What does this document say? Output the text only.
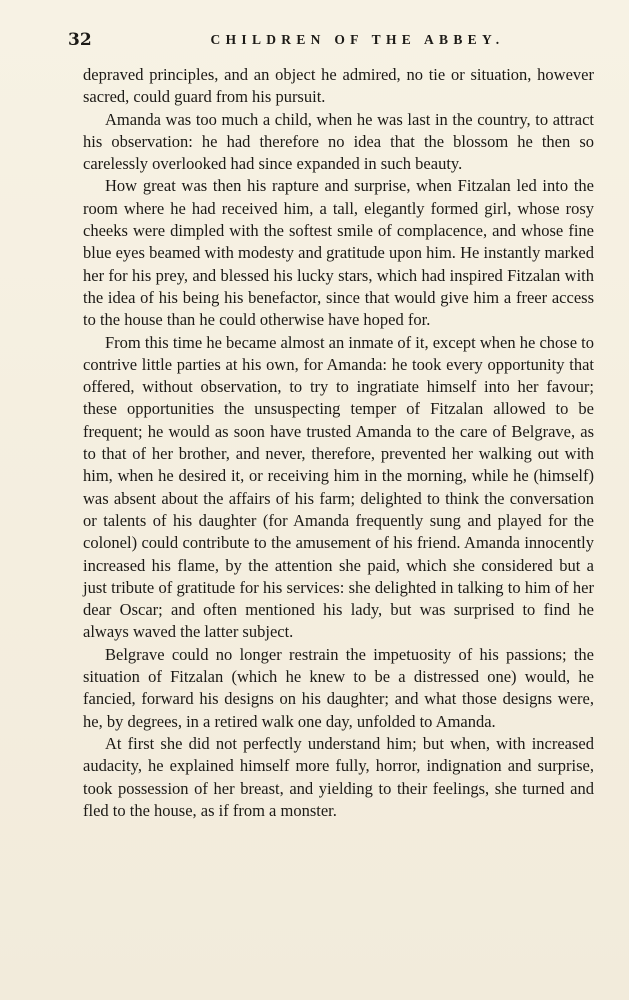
32	CHILDREN OF THE ABBEY.

depraved principles, and an object he admired, no tie or situation, however sacred, could guard from his pursuit.

Amanda was too much a child, when he was last in the country, to attract his observation: he had therefore no idea that the blossom he then so carelessly overlooked had since expanded in such beauty.

How great was then his rapture and surprise, when Fitzalan led into the room where he had received him, a tall, elegantly formed girl, whose rosy cheeks were dimpled with the softest smile of complacence, and whose fine blue eyes beamed with modesty and gratitude upon him. He instantly marked her for his prey, and blessed his lucky stars, which had inspired Fitzalan with the idea of his being his benefactor, since that would give him a freer access to the house than he could otherwise have hoped for.

From this time he became almost an inmate of it, except when he chose to contrive little parties at his own, for Amanda: he took every opportunity that offered, without observation, to try to ingratiate himself into her favour; these opportunities the unsuspecting temper of Fitzalan allowed to be frequent; he would as soon have trusted Amanda to the care of Belgrave, as to that of her brother, and never, therefore, prevented her walking out with him, when he desired it, or receiving him in the morning, while he (himself) was absent about the affairs of his farm; delighted to think the conversation or talents of his daughter (for Amanda frequently sung and played for the colonel) could contribute to the amusement of his friend. Amanda innocently increased his flame, by the attention she paid, which she considered but a just tribute of gratitude for his services: she delighted in talking to him of her dear Oscar; and often mentioned his lady, but was surprised to find he always waved the latter subject.

Belgrave could no longer restrain the impetuosity of his passions; the situation of Fitzalan (which he knew to be a distressed one) would, he fancied, forward his designs on his daughter; and what those designs were, he, by degrees, in a retired walk one day, unfolded to Amanda.

At first she did not perfectly understand him; but when, with increased audacity, he explained himself more fully, horror, indignation and surprise, took possession of her breast, and yielding to their feelings, she turned and fled to the house, as if from a monster.
